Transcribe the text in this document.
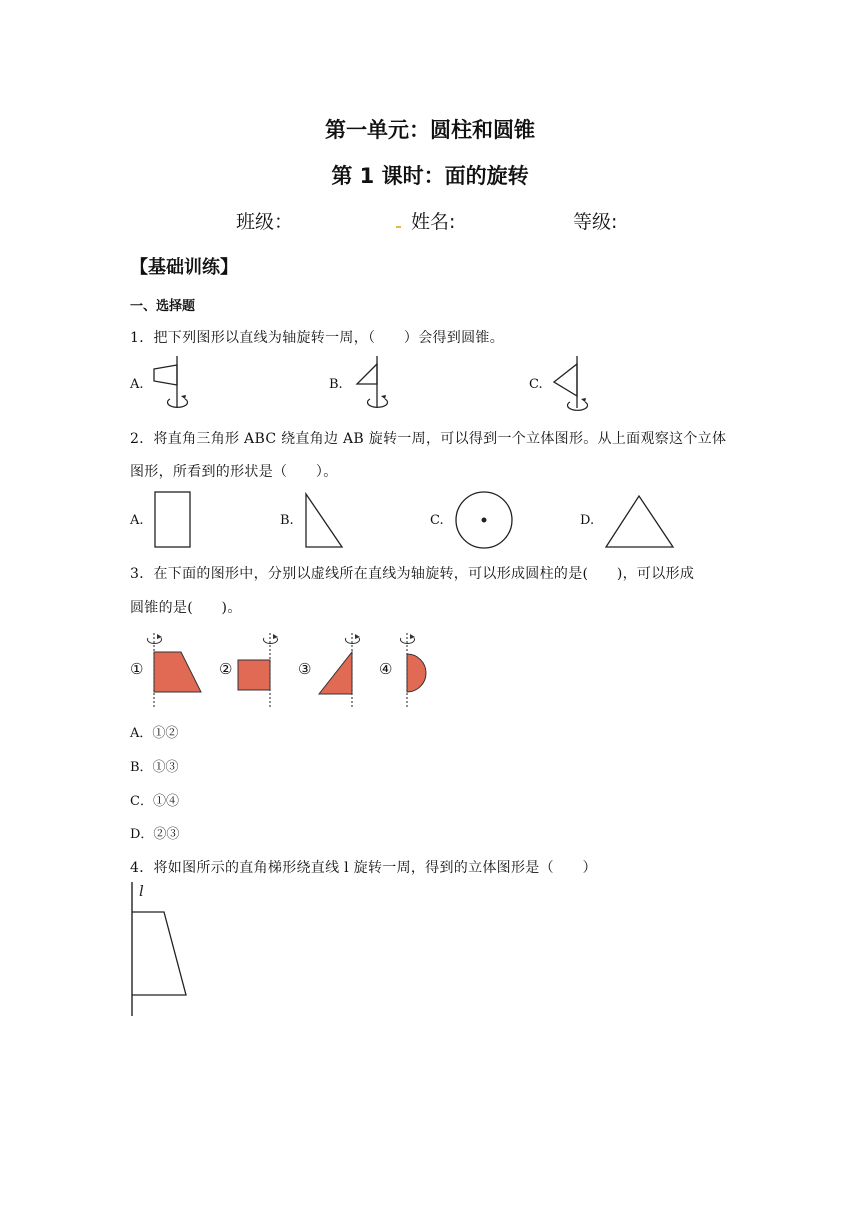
第一单元：圆柱和圆锥
第 1 课时：面的旋转
班级：	姓名:	等级:
【基础训练】
一、选择题
1．把下列图形以直线为轴旋转一周，（　　）会得到圆锥。
A.	B.	C.
2．将直角三角形 ABC 绕直角边 AB 旋转一周，可以得到一个立体图形。从上面观察这个立体
图形，所看到的形状是（　　）。
A.	B.	C.	D.
3．在下面的图形中，分别以虚线所在直线为轴旋转，可以形成圆柱的是(　　)，可以形成
圆锥的是(　　)。
①	②	③	④
A．①②
B．①③
C．①④
D．②③
4．将如图所示的直角梯形绕直线 l 旋转一周，得到的立体图形是（　　）
l
